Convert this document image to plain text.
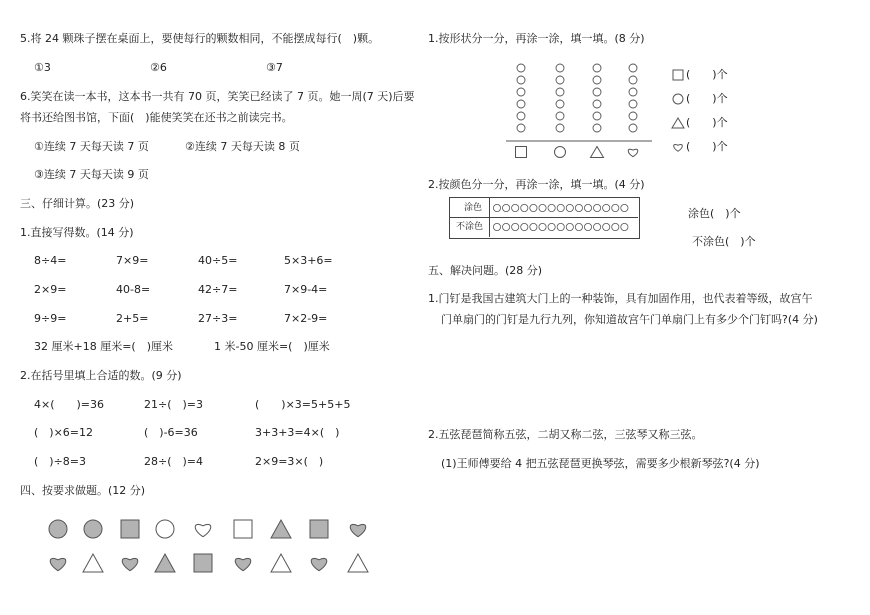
5.将 24 颗珠子摆在桌面上，要使每行的颗数相同，不能摆成每行(　)颗。
①3	②6	③7
6.笑笑在读一本书，这本书一共有 70 页，笑笑已经读了 7 页。她一周(7 天)后要
将书还给图书馆，下面(　)能使笑笑在还书之前读完书。
①连续 7 天每天读 7 页	②连续 7 天每天读 8 页
③连续 7 天每天读 9 页
三、仔细计算。(23 分)
1.直接写得数。(14 分)
8÷4=	7×9=	40÷5=	5×3+6=
2×9=	40-8=	42÷7=	7×9-4=
9÷9=	2+5=	27÷3=	7×2-9=
32 厘米+18 厘米=(　)厘米	1 米-50 厘米=(　)厘米
2.在括号里填上合适的数。(9 分)
4×(　　)=36	21÷(　)=3	(　　)×3=5+5+5
(　)×6=12	(　)-6=36	3+3+3=4×(　)
(　)÷8=3	28÷(　)=4	2×9=3×(　)
四、按要求做题。(12 分)
1.按形状分一分，再涂一涂，填一填。(8 分)
(　　)个
(　　)个
(　　)个
(　　)个
2.按颜色分一分，再涂一涂，填一填。(4 分)
涂色
不涂色
涂色(　)个
不涂色(　)个
五、解决问题。(28 分)
1.门钉是我国古建筑大门上的一种装饰，具有加固作用，也代表着等级，故宫午
门单扇门的门钉是九行九列，你知道故宫午门单扇门上有多少个门钉吗?(4 分)
2.五弦琵琶简称五弦，二胡又称二弦，三弦琴又称三弦。
(1)王师傅要给 4 把五弦琵琶更换琴弦，需要多少根新琴弦?(4 分)
